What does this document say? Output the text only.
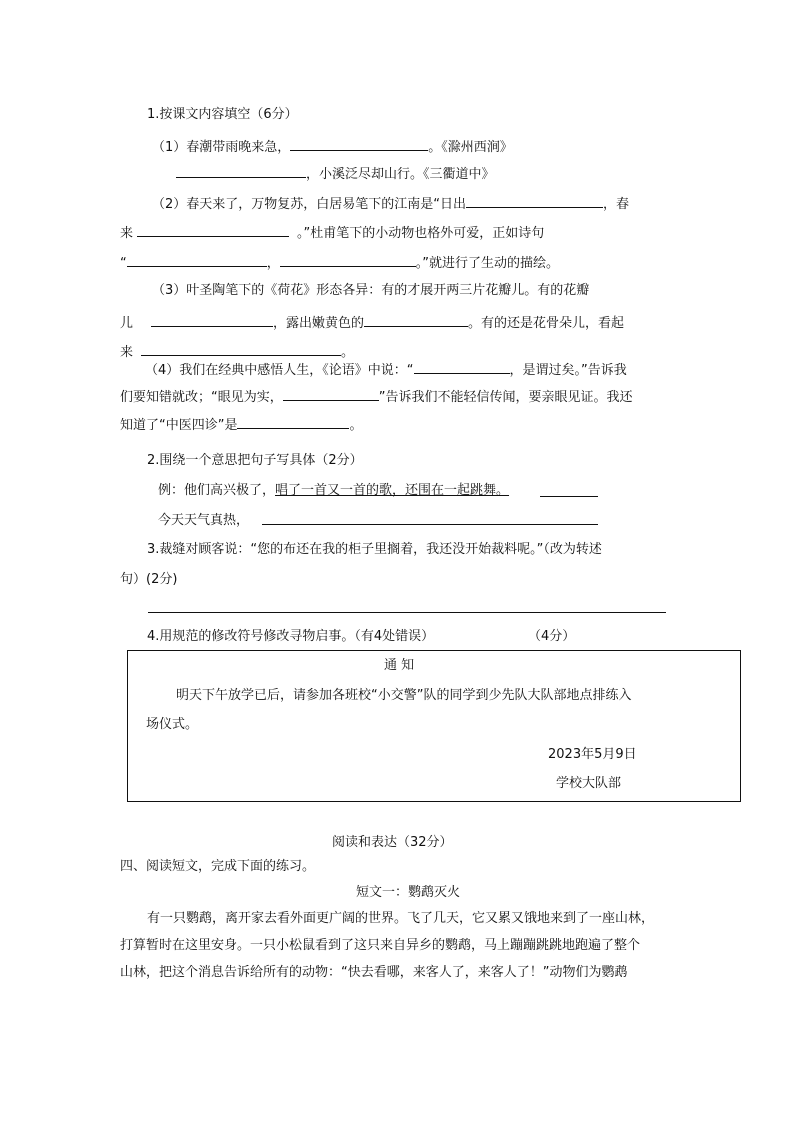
1.按课文内容填空（6分）
（1）春潮带雨晚来急，	。《滁州西涧》
，小溪泛尽却山行。《三衢道中》
（2）春天来了，万物复苏，白居易笔下的江南是“日出	，春
来	。”杜甫笔下的小动物也格外可爱，正如诗句
“	，	。”就进行了生动的描绘。
（3）叶圣陶笔下的《荷花》形态各异：有的才展开两三片花瓣儿。有的花瓣
儿	，露出嫩黄色的	。有的还是花骨朵儿，看起
来	。
（4）我们在经典中感悟人生，《论语》中说：“	，是谓过矣。”告诉我
们要知错就改；“眼见为实，	”告诉我们不能轻信传闻，要亲眼见证。我还
知道了“中医四诊”是	。
2.围绕一个意思把句子写具体（2分）
例：他们高兴极了，唱了一首又一首的歌，还围在一起跳舞。
今天天气真热，
3.裁缝对顾客说：“您的布还在我的柜子里搁着，我还没开始裁料呢。”（改为转述
句）(2分)
4.用规范的修改符号修改寻物启事。（有4处错误）	（4分）
通 知
明天下午放学已后，请参加各班校“小交警”队的同学到少先队大队部地点排练入
场仪式。
2023年5月9日
学校大队部
阅读和表达（32分）
四、阅读短文，完成下面的练习。
短文一：鹦鹉灭火
有一只鹦鹉，离开家去看外面更广阔的世界。飞了几天，它又累又饿地来到了一座山林，
打算暂时在这里安身。一只小松鼠看到了这只来自异乡的鹦鹉，马上蹦蹦跳跳地跑遍了整个
山林，把这个消息告诉给所有的动物：“快去看哪，来客人了，来客人了！”动物们为鹦鹉
